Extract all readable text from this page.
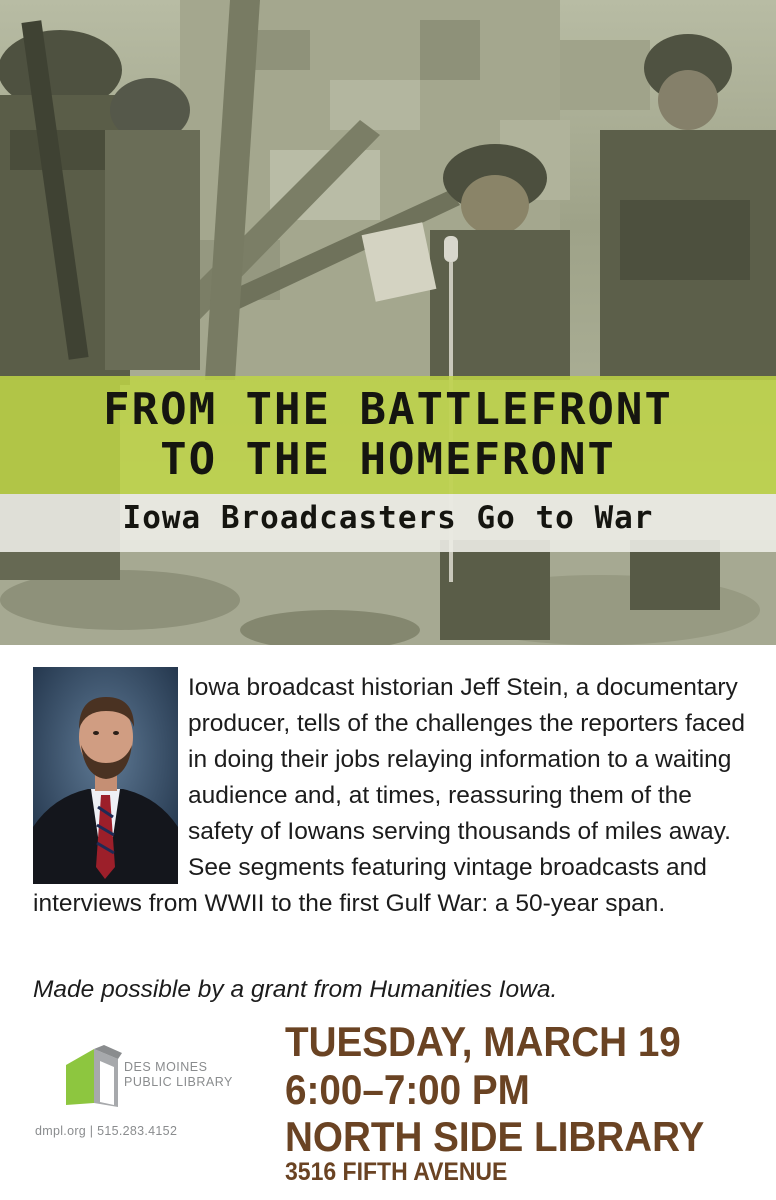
FROM THE BATTLEFRONT
TO THE HOMEFRONT
Iowa Broadcasters Go to War

Iowa broadcast historian Jeff Stein, a documentary producer, tells of the challenges the reporters faced in doing their jobs relaying information to a waiting audience and, at times, reassuring them of the safety of Iowans serving thousands of miles away. See segments featuring vintage broadcasts and interviews from WWII to the first Gulf War: a 50-year span.

Made possible by a grant from Humanities Iowa.
DES MOINES
PUBLIC LIBRARY
dmpl.org | 515.283.4152
TUESDAY, MARCH 19
6:00–7:00 PM
NORTH SIDE LIBRARY
3516 FIFTH AVENUE
